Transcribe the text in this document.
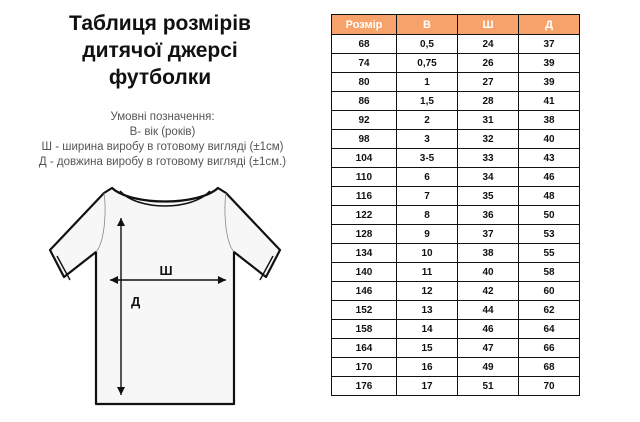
Таблиця розмірів
дитячої джерсі
футболки
Умовні позначення:
В- вік (років)
Ш - ширина виробу в готовому вигляді (±1см)
Д - довжина виробу в готовому вигляді (±1см.)
Ш
Д
Розмір	В	Ш	Д
68	0,5	24	37
74	0,75	26	39
80	1	27	39
86	1,5	28	41
92	2	31	38
98	3	32	40
104	3-5	33	43
110	6	34	46
116	7	35	48
122	8	36	50
128	9	37	53
134	10	38	55
140	11	40	58
146	12	42	60
152	13	44	62
158	14	46	64
164	15	47	66
170	16	49	68
176	17	51	70
